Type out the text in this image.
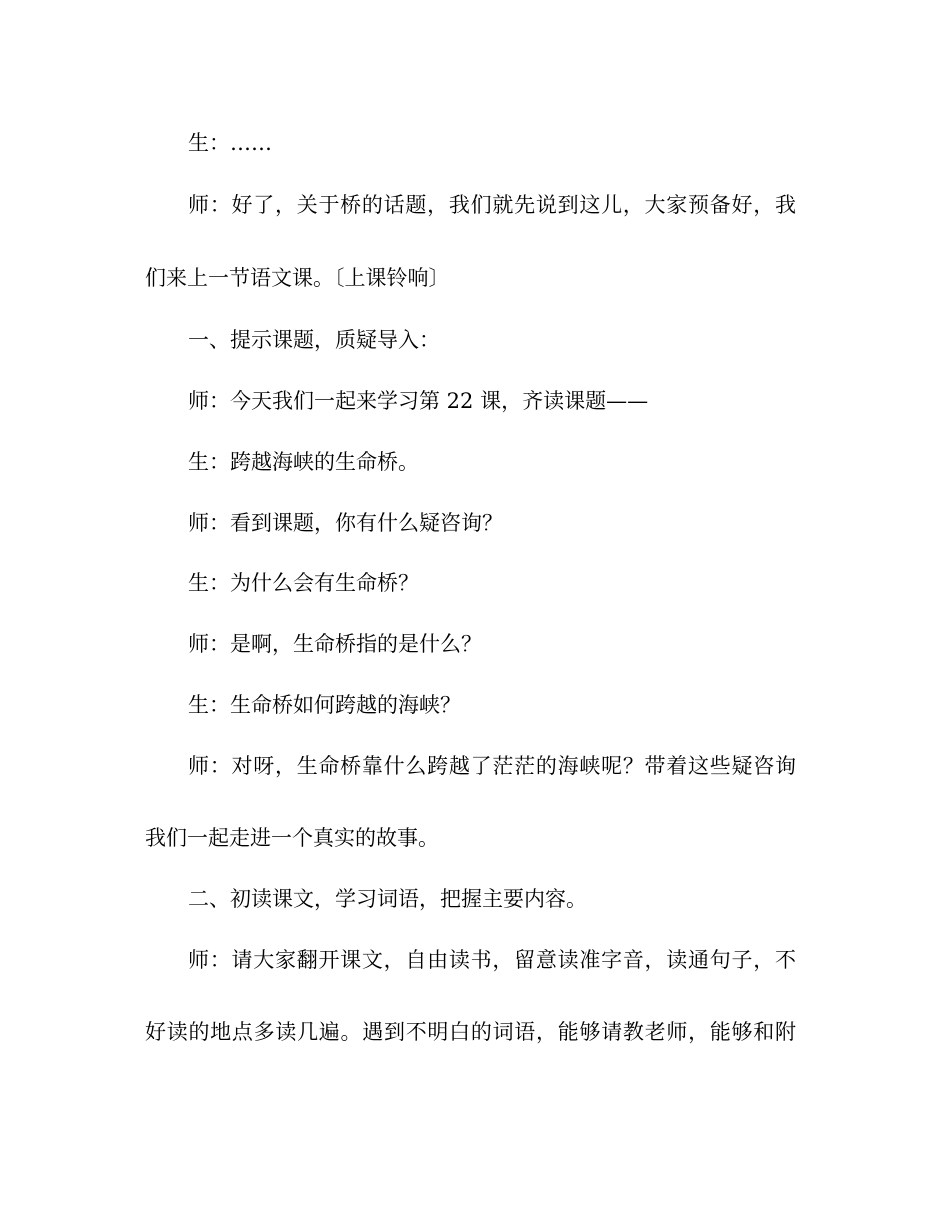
生：……
师：好了，关于桥的话题，我们就先说到这儿，大家预备好，我
们来上一节语文课。〔上课铃响〕
一、提示课题，质疑导入：
师：今天我们一起来学习第 22 课，齐读课题——
生：跨越海峡的生命桥。
师：看到课题，你有什么疑咨询？
生：为什么会有生命桥？
师：是啊，生命桥指的是什么？
生：生命桥如何跨越的海峡？
师：对呀，生命桥靠什么跨越了茫茫的海峡呢？带着这些疑咨询
我们一起走进一个真实的故事。
二、初读课文，学习词语，把握主要内容。
师：请大家翻开课文，自由读书，留意读准字音，读通句子，不
好读的地点多读几遍。遇到不明白的词语，能够请教老师，能够和附
